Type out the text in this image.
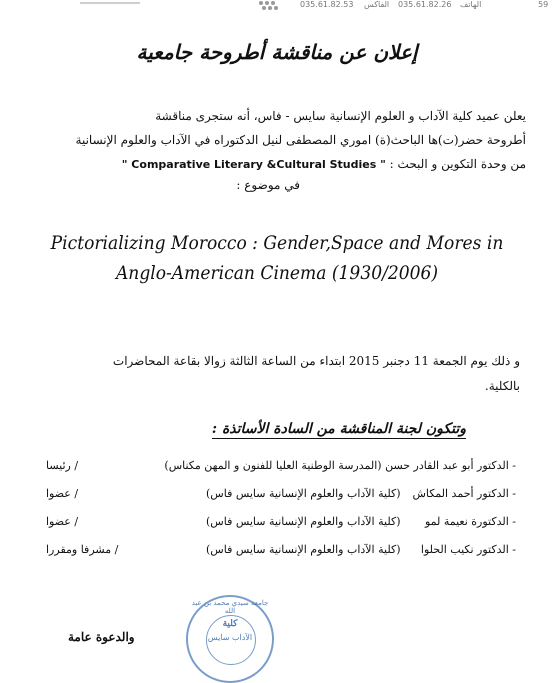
035.61.82.53 الفاكس 035.61.82.26 الهاتف	59
إعلان عن مناقشة أطروحة جامعية
يعلن عميد كلية الآداب و العلوم الإنسانية سايس - فاس، أنه ستجرى مناقشة
أطروحة حضر(ت)ها الباحث(ة) اموري المصطفى لنيل الدكتوراه في الآداب والعلوم الإنسانية
من وحدة التكوين و البحث : " Comparative Literary &Cultural Studies "
في موضوع :
Pictorializing Morocco : Gender,Space and Mores in
Anglo-American Cinema (1930/2006)
و ذلك يوم الجمعة 11 دجنبر 2015 ابتداء من الساعة الثالثة زوالا بقاعة المحاضرات
بالكلية.
وتتكون لجنة المناقشة من السادة الأساتذة :
- الدكتور أبو عبد القادر حسن (المدرسة الوطنية العليا للفنون و المهن مكناس)
/ رئيسا
- الدكتور أحمد المكاش (كلية الآداب والعلوم الإنسانية سايس فاس)
/ عضوا
- الدكتورة نعيمة لمو (كلية الآداب والعلوم الإنسانية سايس فاس)
/ عضوا
- الدكتور نكيب الحلوا (كلية الآداب والعلوم الإنسانية سايس فاس)
/ مشرفا ومقررا
والدعوة عامة
جامعة سيدي محمد بن عبد الله
كلية
الآداب سايس
